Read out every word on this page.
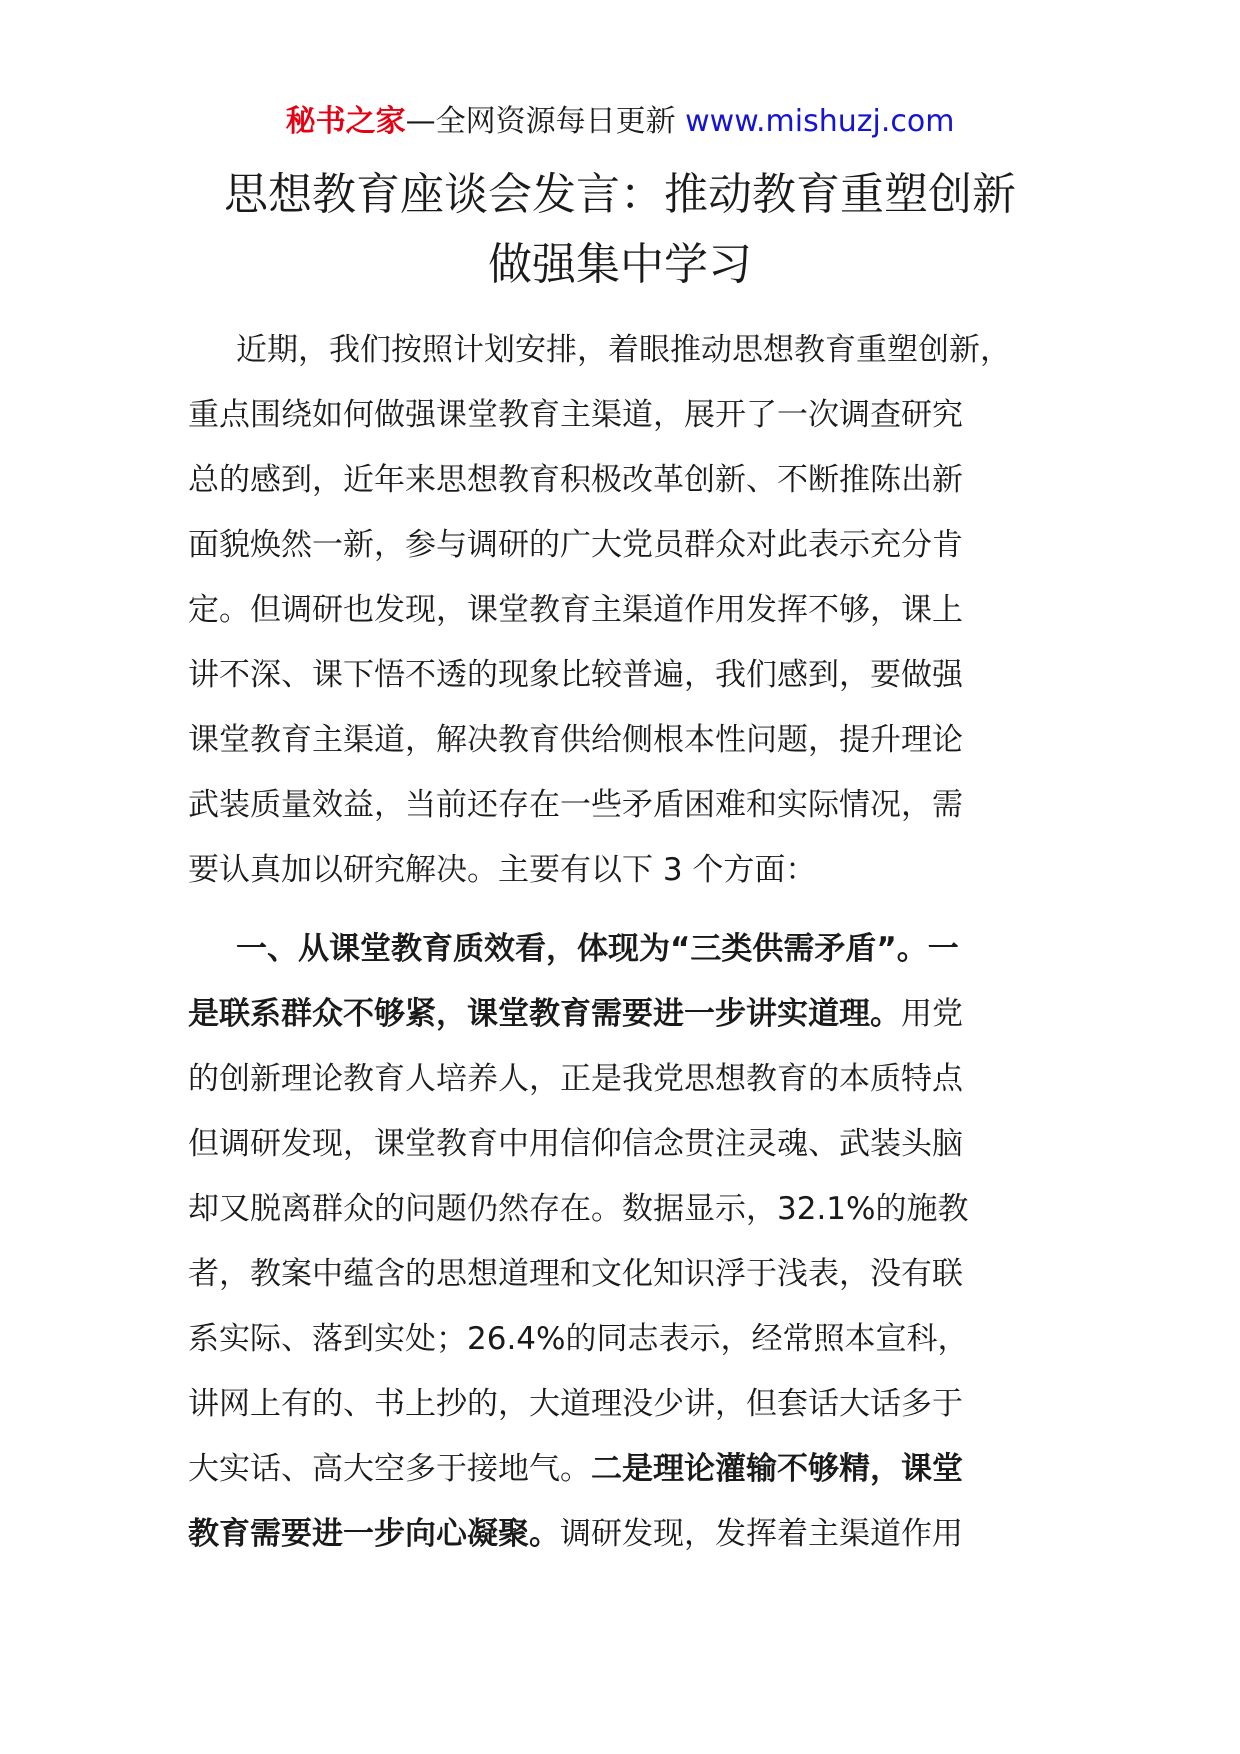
秘书之家—全网资源每日更新 www.mishuzj.com
思想教育座谈会发言：推动教育重塑创新
做强集中学习
近期，我们按照计划安排，着眼推动思想教育重塑创新，
重点围绕如何做强课堂教育主渠道，展开了一次调查研究
总的感到，近年来思想教育积极改革创新、不断推陈出新
面貌焕然一新，参与调研的广大党员群众对此表示充分肯
定。但调研也发现，课堂教育主渠道作用发挥不够，课上
讲不深、课下悟不透的现象比较普遍，我们感到，要做强
课堂教育主渠道，解决教育供给侧根本性问题，提升理论
武装质量效益，当前还存在一些矛盾困难和实际情况，需
要认真加以研究解决。主要有以下 3 个方面：
一、从课堂教育质效看，体现为“三类供需矛盾”。一
是联系群众不够紧，课堂教育需要进一步讲实道理。用党
的创新理论教育人培养人，正是我党思想教育的本质特点
但调研发现，课堂教育中用信仰信念贯注灵魂、武装头脑
却又脱离群众的问题仍然存在。数据显示，32.1%的施教
者，教案中蕴含的思想道理和文化知识浮于浅表，没有联
系实际、落到实处；26.4%的同志表示，经常照本宣科，
讲网上有的、书上抄的，大道理没少讲，但套话大话多于
大实话、高大空多于接地气。二是理论灌输不够精，课堂
教育需要进一步向心凝聚。调研发现，发挥着主渠道作用
